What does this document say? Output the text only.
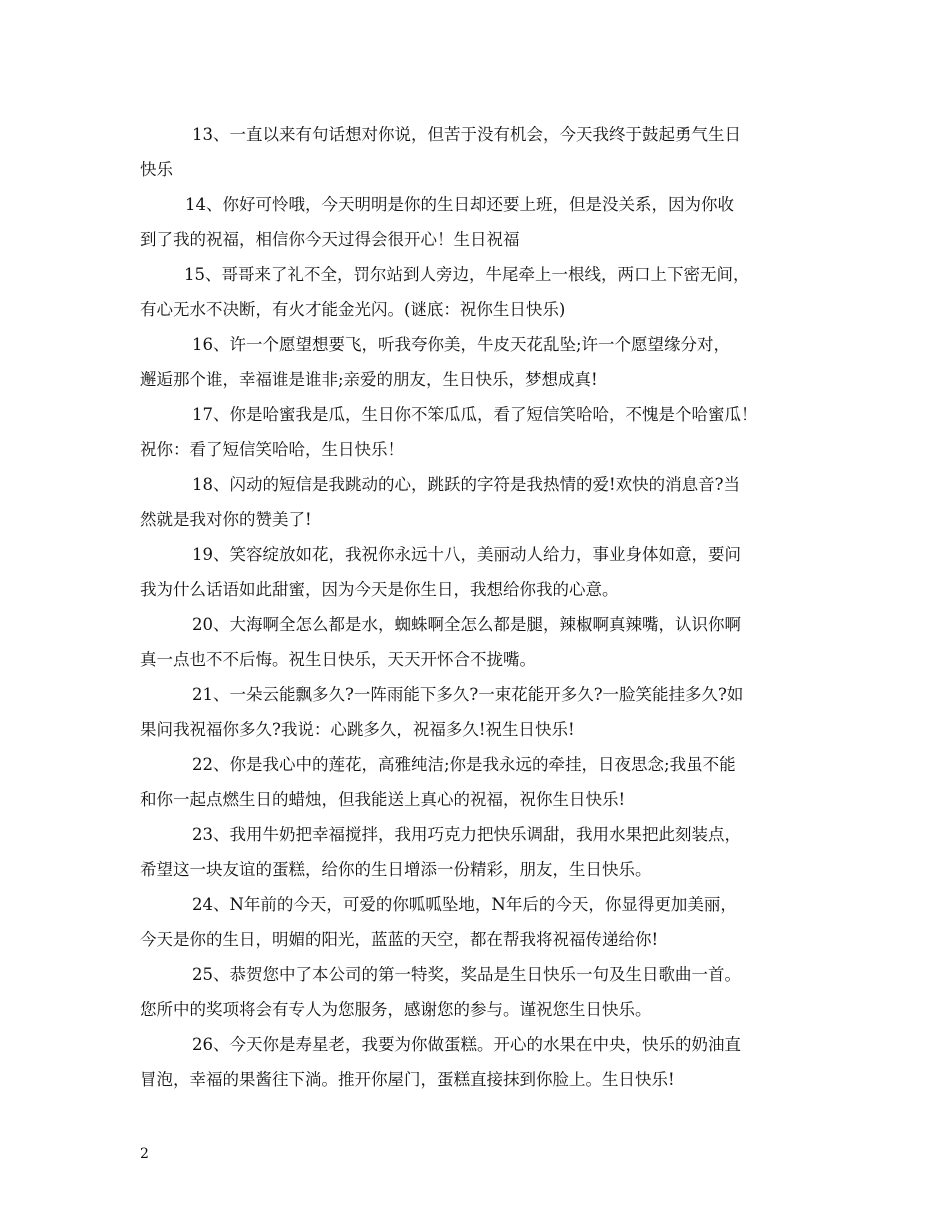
13、一直以来有句话想对你说，但苦于没有机会，今天我终于鼓起勇气生日
快乐
14、你好可怜哦，今天明明是你的生日却还要上班，但是没关系，因为你收
到了我的祝福，相信你今天过得会很开心！生日祝福
15、哥哥来了礼不全，罚尔站到人旁边，牛尾牵上一根线，两口上下密无间，
有心无水不决断，有火才能金光闪。(谜底：祝你生日快乐)
16、许一个愿望想要飞，听我夸你美，牛皮天花乱坠;许一个愿望缘分对，
邂逅那个谁，幸福谁是谁非;亲爱的朋友，生日快乐，梦想成真!
17、你是哈蜜我是瓜，生日你不笨瓜瓜，看了短信笑哈哈，不愧是个哈蜜瓜！
祝你：看了短信笑哈哈，生日快乐！
18、闪动的短信是我跳动的心，跳跃的字符是我热情的爱!欢快的消息音?当
然就是我对你的赞美了!
19、笑容绽放如花，我祝你永远十八，美丽动人给力，事业身体如意，要问
我为什么话语如此甜蜜，因为今天是你生日，我想给你我的心意。
20、大海啊全怎么都是水，蜘蛛啊全怎么都是腿，辣椒啊真辣嘴，认识你啊
真一点也不不后悔。祝生日快乐，天天开怀合不拢嘴。
21、一朵云能飘多久?一阵雨能下多久?一束花能开多久?一脸笑能挂多久?如
果问我祝福你多久?我说：心跳多久，祝福多久!祝生日快乐!
22、你是我心中的莲花，高雅纯洁;你是我永远的牵挂，日夜思念;我虽不能
和你一起点燃生日的蜡烛，但我能送上真心的祝福，祝你生日快乐!
23、我用牛奶把幸福搅拌，我用巧克力把快乐调甜，我用水果把此刻装点，
希望这一块友谊的蛋糕，给你的生日增添一份精彩，朋友，生日快乐。
24、N年前的今天，可爱的你呱呱坠地，N年后的今天，你显得更加美丽，
今天是你的生日，明媚的阳光，蓝蓝的天空，都在帮我将祝福传递给你!
25、恭贺您中了本公司的第一特奖，奖品是生日快乐一句及生日歌曲一首。
您所中的奖项将会有专人为您服务，感谢您的参与。谨祝您生日快乐。
26、今天你是寿星老，我要为你做蛋糕。开心的水果在中央，快乐的奶油直
冒泡，幸福的果酱往下淌。推开你屋门，蛋糕直接抹到你脸上。生日快乐!
2
